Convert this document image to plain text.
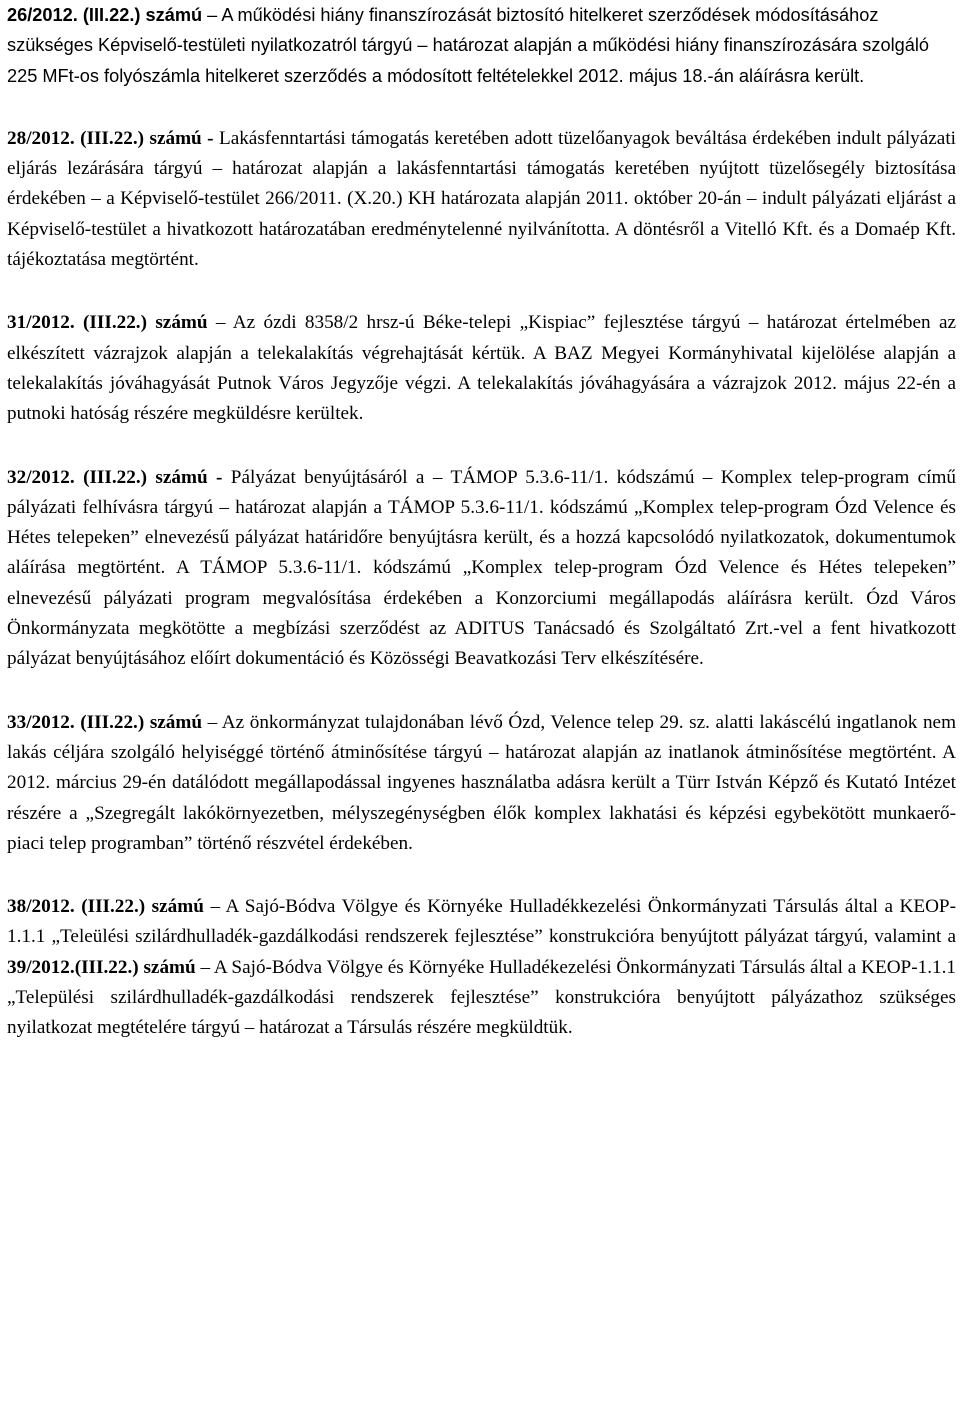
26/2012. (III.22.) számú – A működési hiány finanszírozását biztosító hitelkeret szerződések módosításához szükséges Képviselő-testületi nyilatkozatról tárgyú – határozat alapján a működési hiány finanszírozására szolgáló 225 MFt-os folyószámla hitelkeret szerződés a módosított feltételekkel 2012. május 18.-án aláírásra került.

28/2012. (III.22.) számú - Lakásfenntartási támogatás keretében adott tüzelőanyagok beváltása érdekében indult pályázati eljárás lezárására tárgyú – határozat alapján a lakásfenntartási támogatás keretében nyújtott tüzelősegély biztosítása érdekében – a Képviselő-testület 266/2011. (X.20.) KH határozata alapján 2011. október 20-án – indult pályázati eljárást a Képviselő-testület a hivatkozott határozatában eredménytelenné nyilvánította. A döntésről a Vitelló Kft. és a Domaép Kft. tájékoztatása megtörtént.

31/2012. (III.22.) számú – Az ózdi 8358/2 hrsz-ú Béke-telepi „Kispiac” fejlesztése tárgyú – határozat értelmében az elkészített vázrajzok alapján a telekalakítás végrehajtását kértük. A BAZ Megyei Kormányhivatal kijelölése alapján a telekalakítás jóváhagyását Putnok Város Jegyzője végzi. A telekalakítás jóváhagyására a vázrajzok 2012. május 22-én a putnoki hatóság részére megküldésre kerültek.

32/2012. (III.22.) számú - Pályázat benyújtásáról a – TÁMOP 5.3.6-11/1. kódszámú – Komplex telep-program című pályázati felhívásra tárgyú – határozat alapján a TÁMOP 5.3.6-11/1. kódszámú „Komplex telep-program Ózd Velence és Hétes telepeken” elnevezésű pályázat határidőre benyújtásra került, és a hozzá kapcsolódó nyilatkozatok, dokumentumok aláírása megtörtént. A TÁMOP 5.3.6-11/1. kódszámú „Komplex telep-program Ózd Velence és Hétes telepeken” elnevezésű pályázati program megvalósítása érdekében a Konzorciumi megállapodás aláírásra került. Ózd Város Önkormányzata megkötötte a megbízási szerződést az ADITUS Tanácsadó és Szolgáltató Zrt.-vel a fent hivatkozott pályázat benyújtásához előírt dokumentáció és Közösségi Beavatkozási Terv elkészítésére.

33/2012. (III.22.) számú – Az önkormányzat tulajdonában lévő Ózd, Velence telep 29. sz. alatti lakáscélú ingatlanok nem lakás céljára szolgáló helyiséggé történő átminősítése tárgyú – határozat alapján az inatlanok átminősítése megtörtént. A 2012. március 29-én datálódott megállapodással ingyenes használatba adásra került a Türr István Képző és Kutató Intézet részére a „Szegregált lakókörnyezetben, mélyszegénységben élők komplex lakhatási és képzési egybekötött munkaerő-piaci telep programban” történő részvétel érdekében.

38/2012. (III.22.) számú – A Sajó-Bódva Völgye és Környéke Hulladékkezelési Önkormányzati Társulás által a KEOP-1.1.1 „Teleülési szilárdhulladék-gazdálkodási rendszerek fejlesztése” konstrukcióra benyújtott pályázat tárgyú, valamint a 39/2012.(III.22.) számú – A Sajó-Bódva Völgye és Környéke Hulladékezelési Önkormányzati Társulás által a KEOP-1.1.1 „Települési szilárdhulladék-gazdálkodási rendszerek fejlesztése” konstrukcióra benyújtott pályázathoz szükséges nyilatkozat megtételére tárgyú – határozat a Társulás részére megküldtük.
